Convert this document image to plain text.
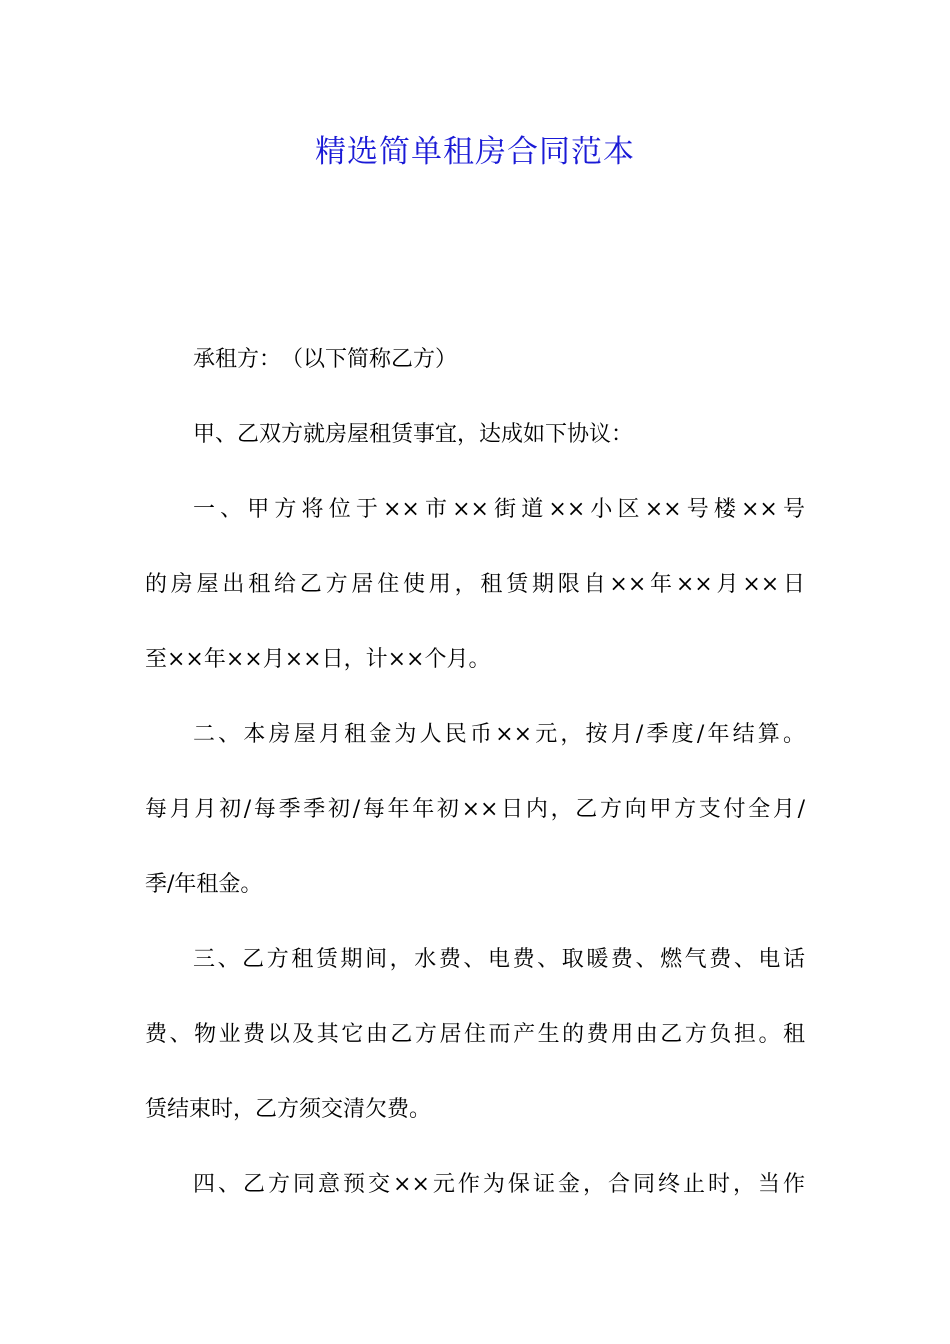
精选简单租房合同范本
承租方：　（以下简称乙方）
甲、乙双方就房屋租赁事宜，达成如下协议：
一、甲方将位于××市××街道××小区××号楼××号
的房屋出租给乙方居住使用，租赁期限自××年××月××日
至××年××月××日，计××个月。
二、本房屋月租金为人民币××元，按月/季度/年结算。
每月月初/每季季初/每年年初××日内，乙方向甲方支付全月/
季/年租金。
三、乙方租赁期间，水费、电费、取暖费、燃气费、电话
费、物业费以及其它由乙方居住而产生的费用由乙方负担。租
赁结束时，乙方须交清欠费。
四、乙方同意预交××元作为保证金，合同终止时，当作
